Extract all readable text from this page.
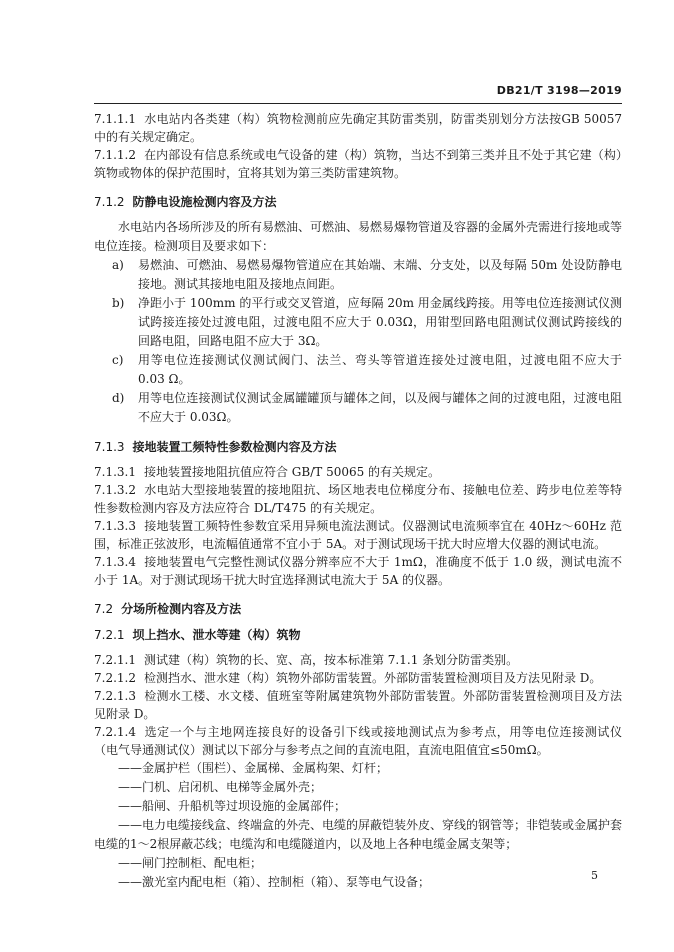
DB21/T 3198—2019
7.1.1.1 水电站内各类建（构）筑物检测前应先确定其防雷类别，防雷类别划分方法按GB 50057中的有关规定确定。
7.1.1.2 在内部设有信息系统或电气设备的建（构）筑物，当达不到第三类并且不处于其它建（构）筑物或物体的保护范围时，宜将其划为第三类防雷建筑物。
7.1.2 防静电设施检测内容及方法
水电站内各场所涉及的所有易燃油、可燃油、易燃易爆物管道及容器的金属外壳需进行接地或等电位连接。检测项目及要求如下：
a)	易燃油、可燃油、易燃易爆物管道应在其始端、末端、分支处，以及每隔 50m 处设防静电接地。测试其接地电阻及接地点间距。
b)	净距小于 100mm 的平行或交叉管道，应每隔 20m 用金属线跨接。用等电位连接测试仪测试跨接连接处过渡电阻，过渡电阻不应大于 0.03Ω，用钳型回路电阻测试仪测试跨接线的回路电阻，回路电阻不应大于 3Ω。
c)	用等电位连接测试仪测试阀门、法兰、弯头等管道连接处过渡电阻，过渡电阻不应大于 0.03 Ω。
d)	用等电位连接测试仪测试金属罐罐顶与罐体之间，以及阀与罐体之间的过渡电阻，过渡电阻不应大于 0.03Ω。
7.1.3 接地装置工频特性参数检测内容及方法
7.1.3.1 接地装置接地阻抗值应符合 GB/T 50065 的有关规定。
7.1.3.2 水电站大型接地装置的接地阻抗、场区地表电位梯度分布、接触电位差、跨步电位差等特性参数检测内容及方法应符合 DL/T475 的有关规定。
7.1.3.3 接地装置工频特性参数宜采用异频电流法测试。仪器测试电流频率宜在 40Hz～60Hz 范围，标准正弦波形，电流幅值通常不宜小于 5A。对于测试现场干扰大时应增大仪器的测试电流。
7.1.3.4 接地装置电气完整性测试仪器分辨率应不大于 1mΩ，准确度不低于 1.0 级，测试电流不小于 1A。对于测试现场干扰大时宜选择测试电流大于 5A 的仪器。
7.2 分场所检测内容及方法
7.2.1 坝上挡水、泄水等建（构）筑物
7.2.1.1 测试建（构）筑物的长、宽、高，按本标准第 7.1.1 条划分防雷类别。
7.2.1.2 检测挡水、泄水建（构）筑物外部防雷装置。外部防雷装置检测项目及方法见附录 D。
7.2.1.3 检测水工楼、水文楼、值班室等附属建筑物外部防雷装置。外部防雷装置检测项目及方法见附录 D。
7.2.1.4 选定一个与主地网连接良好的设备引下线或接地测试点为参考点，用等电位连接测试仪（电气导通测试仪）测试以下部分与参考点之间的直流电阻，直流电阻值宜≤50mΩ。
——金属护栏（围栏）、金属梯、金属构架、灯杆；
——门机、启闭机、电梯等金属外壳；
——船闸、升船机等过坝设施的金属部件；
——电力电缆接线盒、终端盒的外壳、电缆的屏蔽铠装外皮、穿线的钢管等；非铠装或金属护套电缆的1～2根屏蔽芯线；电缆沟和电缆隧道内，以及地上各种电缆金属支架等；
——闸门控制柜、配电柜；
——激光室内配电柜（箱）、控制柜（箱）、泵等电气设备；	5
